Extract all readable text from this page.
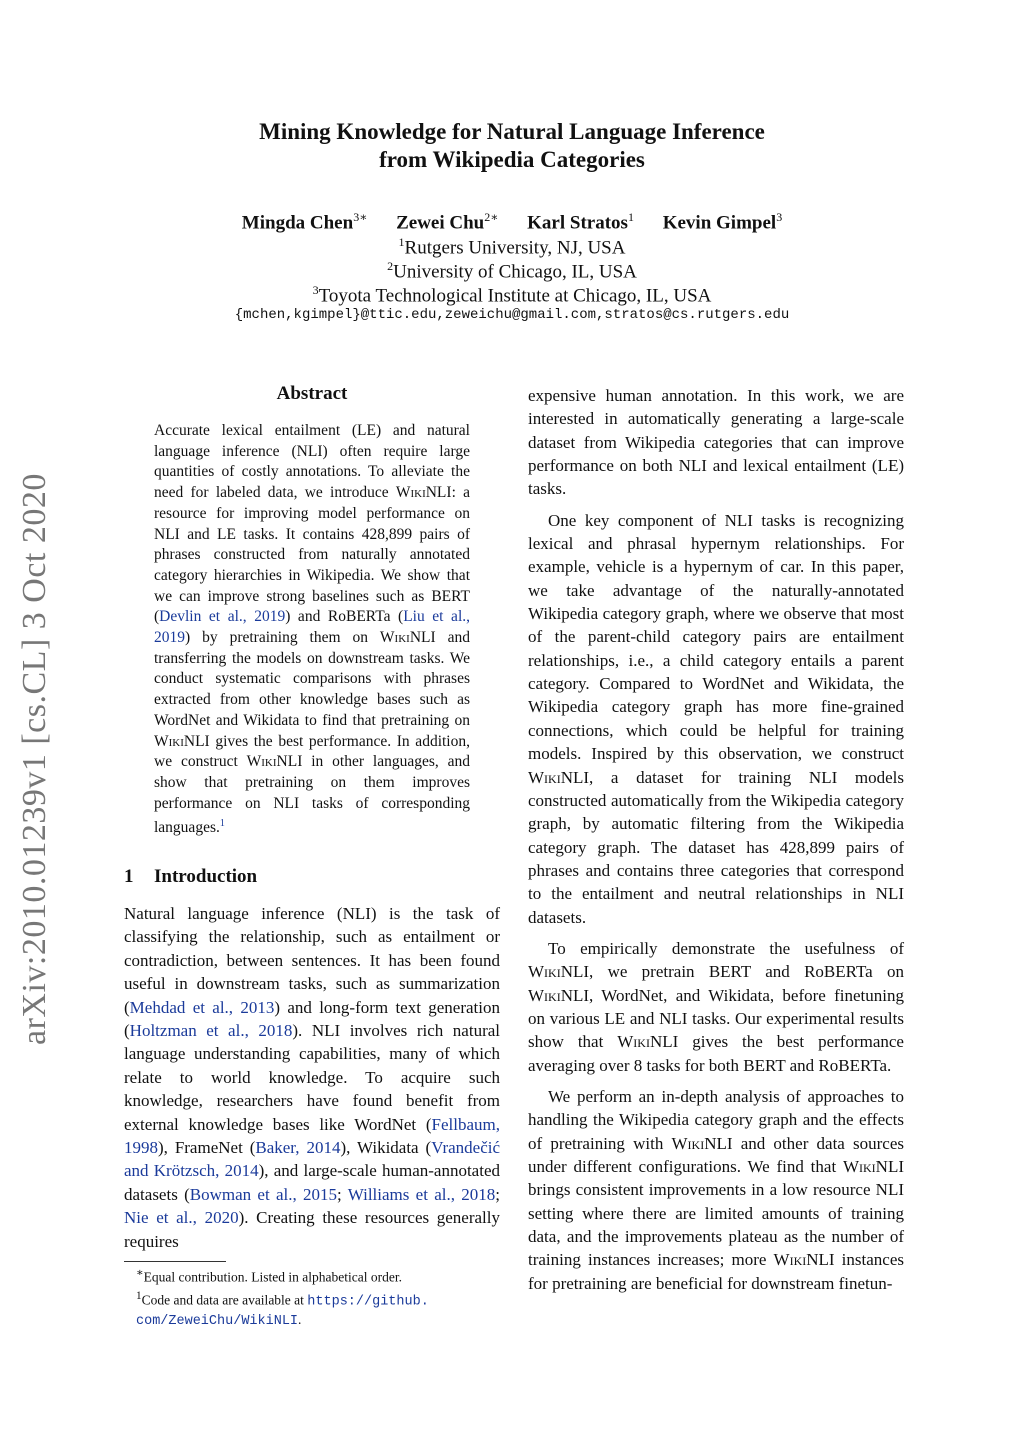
arXiv:2010.01239v1 [cs.CL] 3 Oct 2020
Mining Knowledge for Natural Language Inference
from Wikipedia Categories
Mingda Chen$^{3∗}$ Zewei Chu$^{2∗}$ Karl Stratos$^1$ Kevin Gimpel$^3$
$^1$Rutgers University, NJ, USA
$^2$University of Chicago, IL, USA
$^3$Toyota Technological Institute at Chicago, IL, USA
{mchen,kgimpel}@ttic.edu,zeweichu@gmail.com,stratos@cs.rutgers.edu
Abstract
Accurate lexical entailment (LE) and natural language inference (NLI) often require large quantities of costly annotations. To alleviate the need for labeled data, we introduce WikiNLI: a resource for improving model performance on NLI and LE tasks. It contains 428,899 pairs of phrases constructed from naturally annotated category hierarchies in Wikipedia. We show that we can improve strong baselines such as BERT (Devlin et al., 2019) and RoBERTa (Liu et al., 2019) by pretraining them on WikiNLI and transferring the models on downstream tasks. We conduct systematic comparisons with phrases extracted from other knowledge bases such as WordNet and Wikidata to find that pretraining on WikiNLI gives the best performance. In addition, we construct WikiNLI in other languages, and show that pretraining on them improves performance on NLI tasks of corresponding languages.$^1$
1 Introduction

Natural language inference (NLI) is the task of classifying the relationship, such as entailment or contradiction, between sentences. It has been found useful in downstream tasks, such as summarization (Mehdad et al., 2013) and long-form text generation (Holtzman et al., 2018). NLI involves rich natural language understanding capabilities, many of which relate to world knowledge. To acquire such knowledge, researchers have found benefit from external knowledge bases like WordNet (Fellbaum, 1998), FrameNet (Baker, 2014), Wikidata (Vrandečić and Krötzsch, 2014), and large-scale human-annotated datasets (Bowman et al., 2015; Williams et al., 2018; Nie et al., 2020). Creating these resources generally requires

∗Equal contribution. Listed in alphabetical order.
$^1$Code and data are available at https://github. com/ZeweiChu/WikiNLI.

expensive human annotation. In this work, we are interested in automatically generating a large-scale dataset from Wikipedia categories that can improve performance on both NLI and lexical entailment (LE) tasks.

One key component of NLI tasks is recognizing lexical and phrasal hypernym relationships. For example, vehicle is a hypernym of car. In this paper, we take advantage of the naturally-annotated Wikipedia category graph, where we observe that most of the parent-child category pairs are entailment relationships, i.e., a child category entails a parent category. Compared to WordNet and Wikidata, the Wikipedia category graph has more fine-grained connections, which could be helpful for training models. Inspired by this observation, we construct WikiNLI, a dataset for training NLI models constructed automatically from the Wikipedia category graph, by automatic filtering from the Wikipedia category graph. The dataset has 428,899 pairs of phrases and contains three categories that correspond to the entailment and neutral relationships in NLI datasets.

To empirically demonstrate the usefulness of WikiNLI, we pretrain BERT and RoBERTa on WikiNLI, WordNet, and Wikidata, before finetuning on various LE and NLI tasks. Our experimental results show that WikiNLI gives the best performance averaging over 8 tasks for both BERT and RoBERTa.

We perform an in-depth analysis of approaches to handling the Wikipedia category graph and the effects of pretraining with WikiNLI and other data sources under different configurations. We find that WikiNLI brings consistent improvements in a low resource NLI setting where there are limited amounts of training data, and the improvements plateau as the number of training instances increases; more WikiNLI instances for pretraining are beneficial for downstream finetun-
